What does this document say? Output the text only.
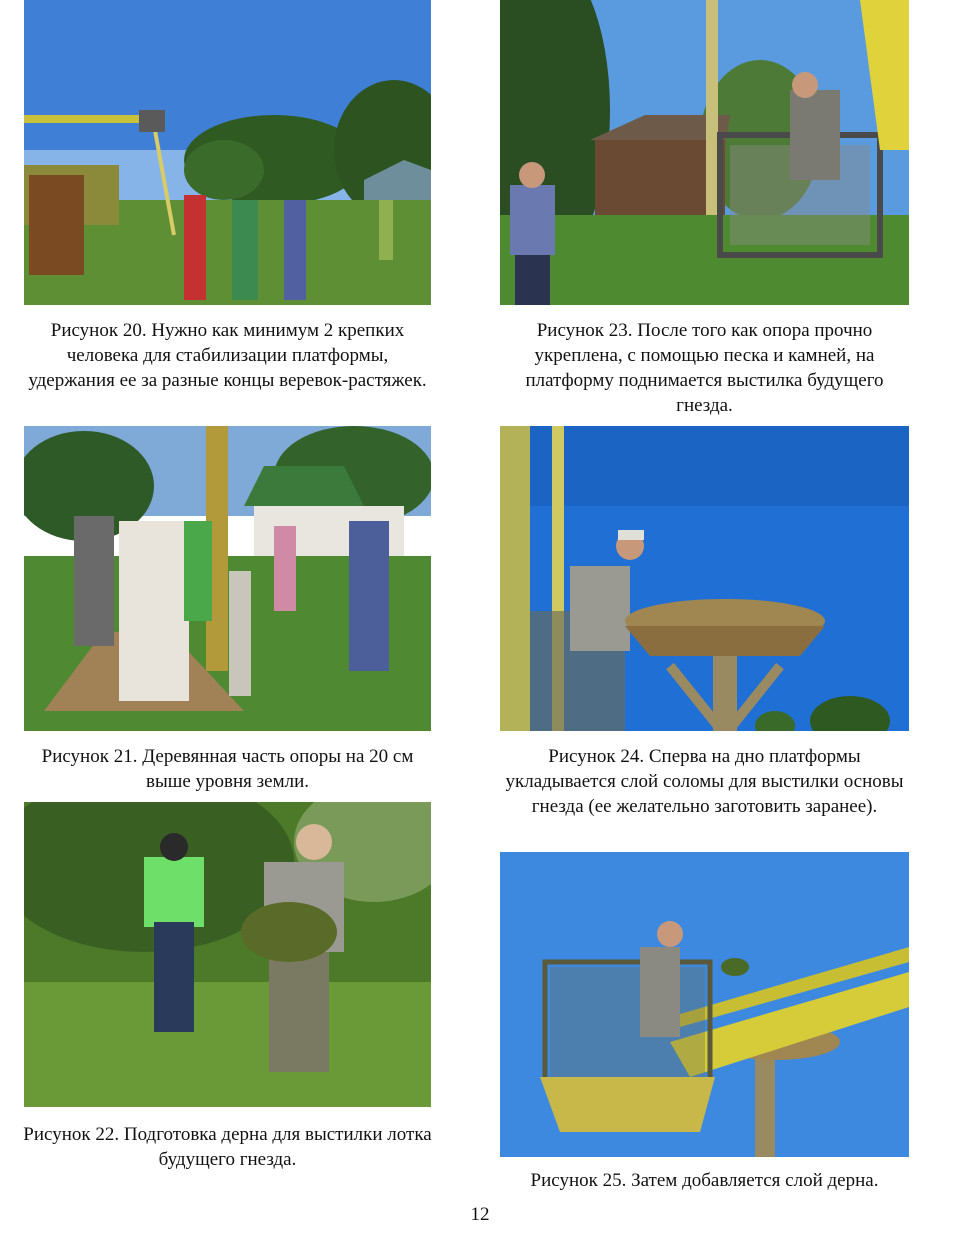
Рисунок 20. Нужно как минимум 2 крепких человека для стабилизации платформы, удержания ее за разные концы веревок-растяжек.
Рисунок 21. Деревянная часть опоры на 20 см выше уровня земли.
Рисунок 22. Подготовка дерна для выстилки лотка будущего гнезда.
Рисунок 23. После того как опора прочно укреплена, с помощью песка и камней, на платформу поднимается выстилка будущего гнезда.
Рисунок 24. Сперва на дно платформы укладывается слой соломы для выстилки основы гнезда (ее желательно заготовить заранее).
Рисунок 25. Затем добавляется слой дерна.
12
